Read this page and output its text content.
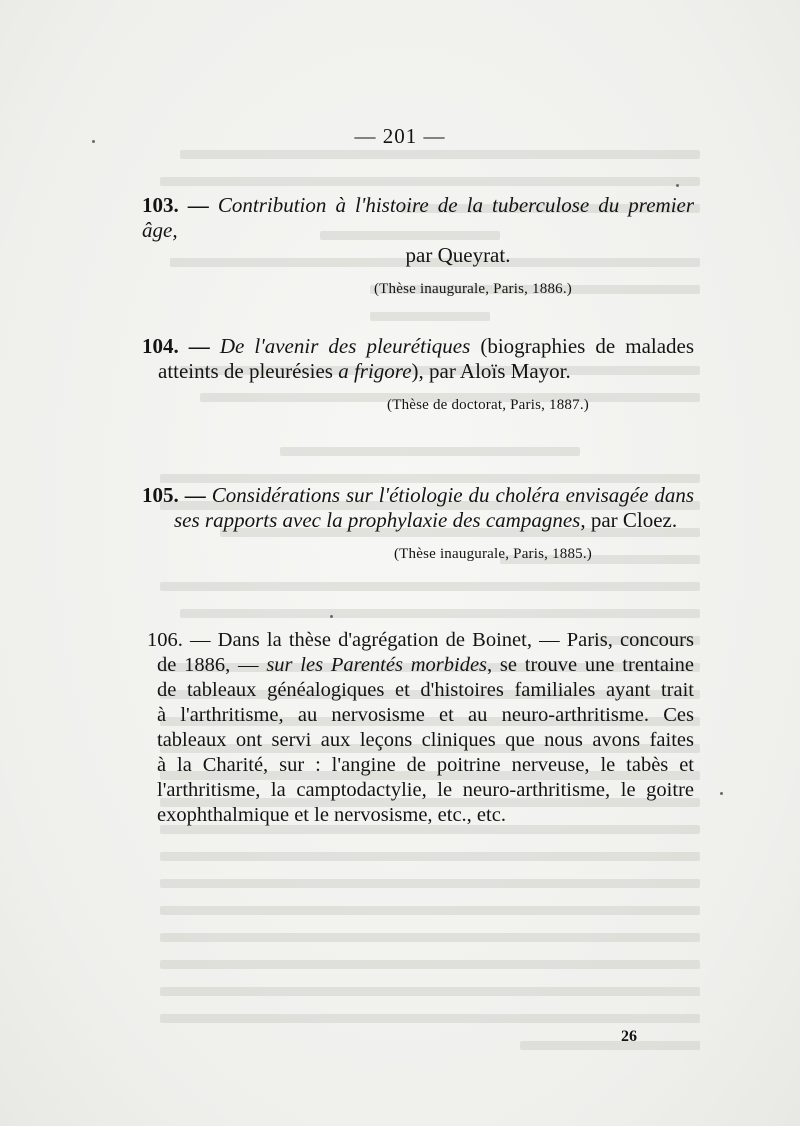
— 201 —
103. — Contribution à l'histoire de la tuberculose du premier âge,
par Queyrat.
(Thèse inaugurale, Paris, 1886.)
104. — De l'avenir des pleurétiques (biographies de malades
atteints de pleurésies a frigore), par Aloïs Mayor.
(Thèse de doctorat, Paris, 1887.)
105. — Considérations sur l'étiologie du choléra envisagée dans
ses rapports avec la prophylaxie des campagnes, par Cloez.
(Thèse inaugurale, Paris, 1885.)
106. — Dans la thèse d'agrégation de Boinet, — Paris, concours
de 1886, — sur les Parentés morbides, se trouve une trentaine
de tableaux généalogiques et d'histoires familiales ayant trait
à l'arthritisme, au nervosisme et au neuro-arthritisme. Ces
tableaux ont servi aux leçons cliniques que nous avons faites
à la Charité, sur : l'angine de poitrine nerveuse, le tabès et
l'arthritisme, la camptodactylie, le neuro-arthritisme, le goitre
exophthalmique et le nervosisme, etc., etc.
26
